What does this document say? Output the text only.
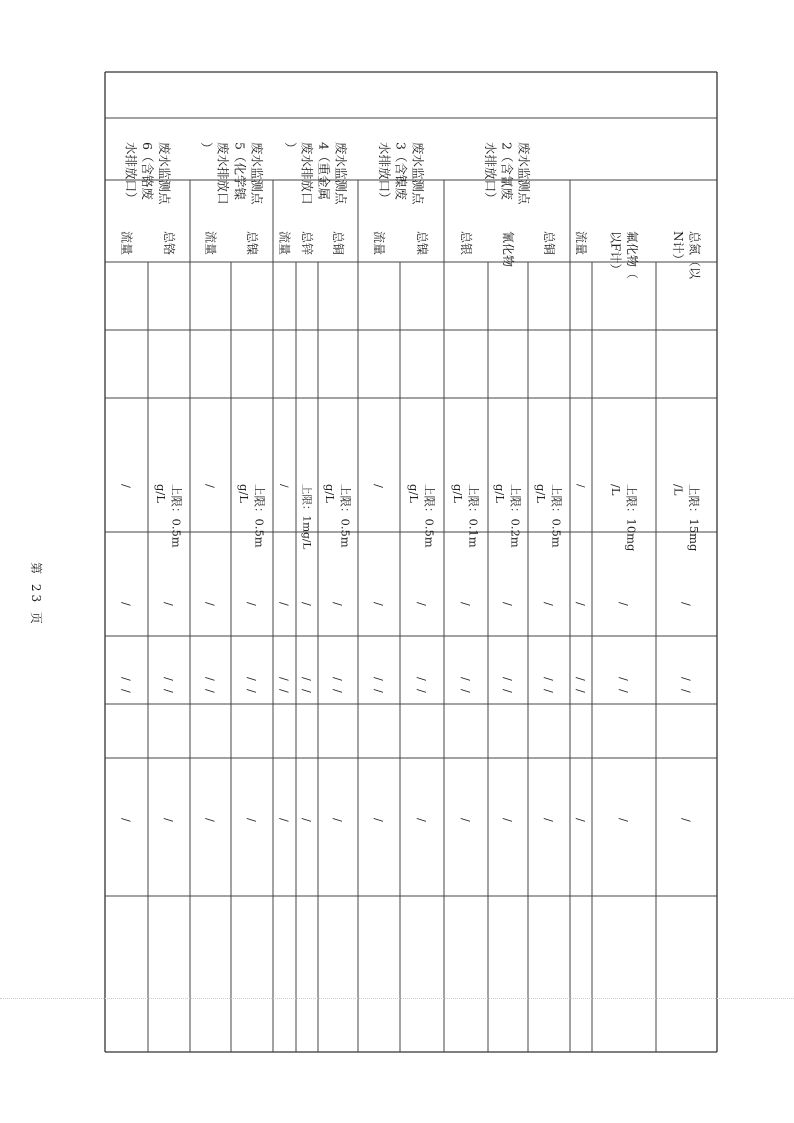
总氮（以N计）
上限：15mg/L
/
/
/
/
氟化物（以F计）
上限：10mg/L
/
/
/
/
流量
/
/
/
/
/
废水监测点2（含氰废水排放口）
总铜
上限：0.5mg/L
/
/
/
/
氰化物
上限：0.2mg/L
/
/
/
/
总银
上限：0.1mg/L
/
/
/
/
废水监测点3（含镍废水排放口）
总镍
上限：0.5mg/L
/
/
/
/
流量
/
/
/
/
/
废水监测点4（重金属废水排放口）
总铜
上限：0.5mg/L
/
/
/
/
总锌
上限：1mg/L
/
/
/
/
流量
/
/
/
/
/
废水监测点5（化学镍废水排放口）
总镍
上限：0.5mg/L
/
/
/
/
流量
/
/
/
/
/
废水监测点6（含铬废水排放口）
总铬
上限：0.5mg/L
/
/
/
/
流量
/
/
/
/
/
第 23 页
